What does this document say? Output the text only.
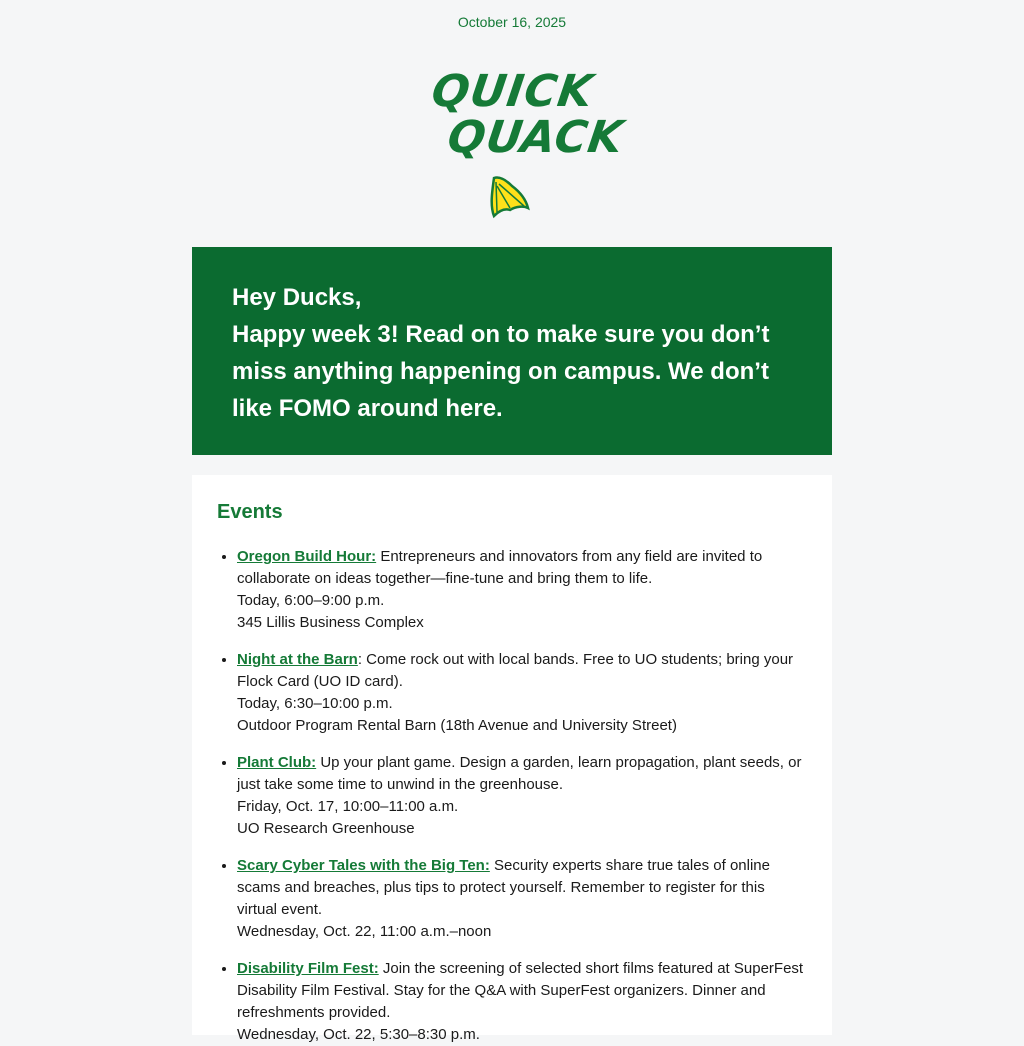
October 16, 2025
QUICK
QUACK

Hey Ducks,

Happy week 3! Read on to make sure you don’t miss anything happening on campus. We don’t like FOMO around here.

Events
• Oregon Build Hour: Entrepreneurs and innovators from any field are invited to collaborate on ideas together—fine-tune and bring them to life.
Today, 6:00–9:00 p.m.
345 Lillis Business Complex
• Night at the Barn: Come rock out with local bands. Free to UO students; bring your Flock Card (UO ID card).
Today, 6:30–10:00 p.m.
Outdoor Program Rental Barn (18th Avenue and University Street)
• Plant Club: Up your plant game. Design a garden, learn propagation, plant seeds, or just take some time to unwind in the greenhouse.
Friday, Oct. 17, 10:00–11:00 a.m.
UO Research Greenhouse
• Scary Cyber Tales with the Big Ten: Security experts share true tales of online scams and breaches, plus tips to protect yourself. Remember to register for this virtual event.
Wednesday, Oct. 22, 11:00 a.m.–noon
• Disability Film Fest: Join the screening of selected short films featured at SuperFest Disability Film Festival. Stay for the Q&A with SuperFest organizers. Dinner and refreshments provided.
Wednesday, Oct. 22, 5:30–8:30 p.m.
